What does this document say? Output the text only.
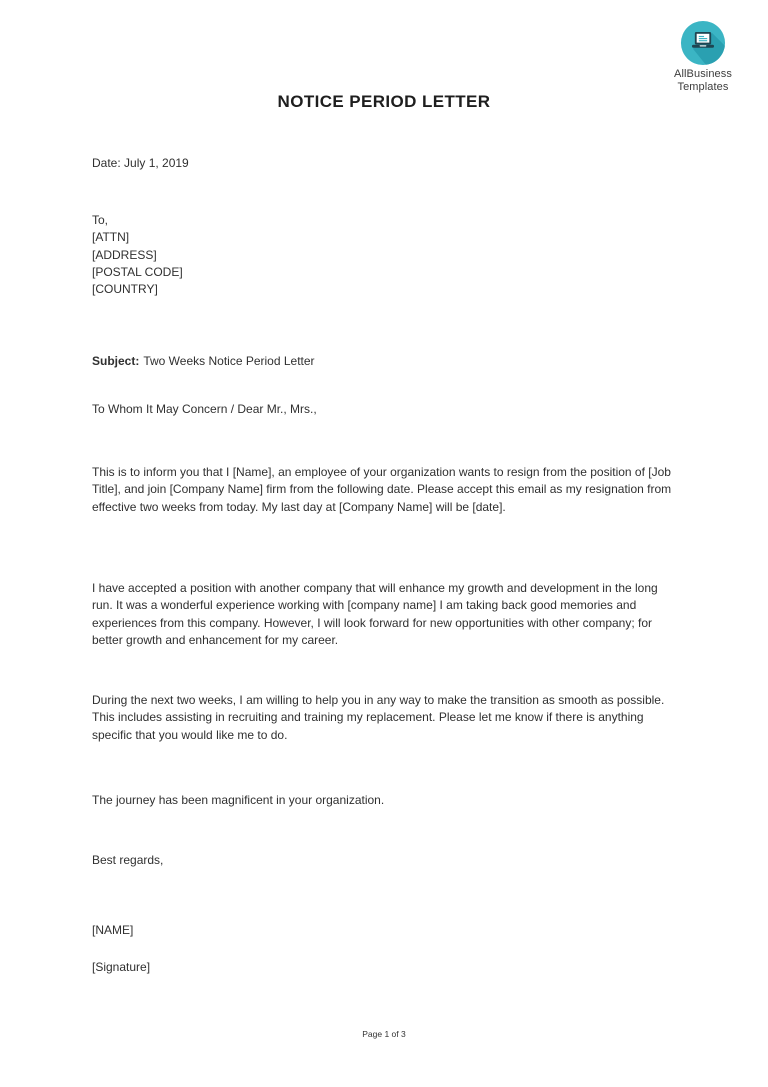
AllBusiness
Templates
NOTICE PERIOD LETTER
Date: July 1, 2019
To,
[ATTN]
[ADDRESS]
[POSTAL CODE]
[COUNTRY]
Subject: Two Weeks Notice Period Letter
To Whom It May Concern / Dear Mr., Mrs.,
This is to inform you that I [Name], an employee of your organization wants to resign from the position of [Job Title], and join [Company Name] firm from the following date. Please accept this email as my resignation from effective two weeks from today. My last day at [Company Name] will be [date].
I have accepted a position with another company that will enhance my growth and development in the long run. It was a wonderful experience working with [company name] I am taking back good memories and experiences from this company. However, I will look forward for new opportunities with other company; for better growth and enhancement for my career.
During the next two weeks, I am willing to help you in any way to make the transition as smooth as possible. This includes assisting in recruiting and training my replacement. Please let me know if there is anything specific that you would like me to do.
The journey has been magnificent in your organization.
Best regards,
[NAME]
[Signature]
Page 1 of 3
